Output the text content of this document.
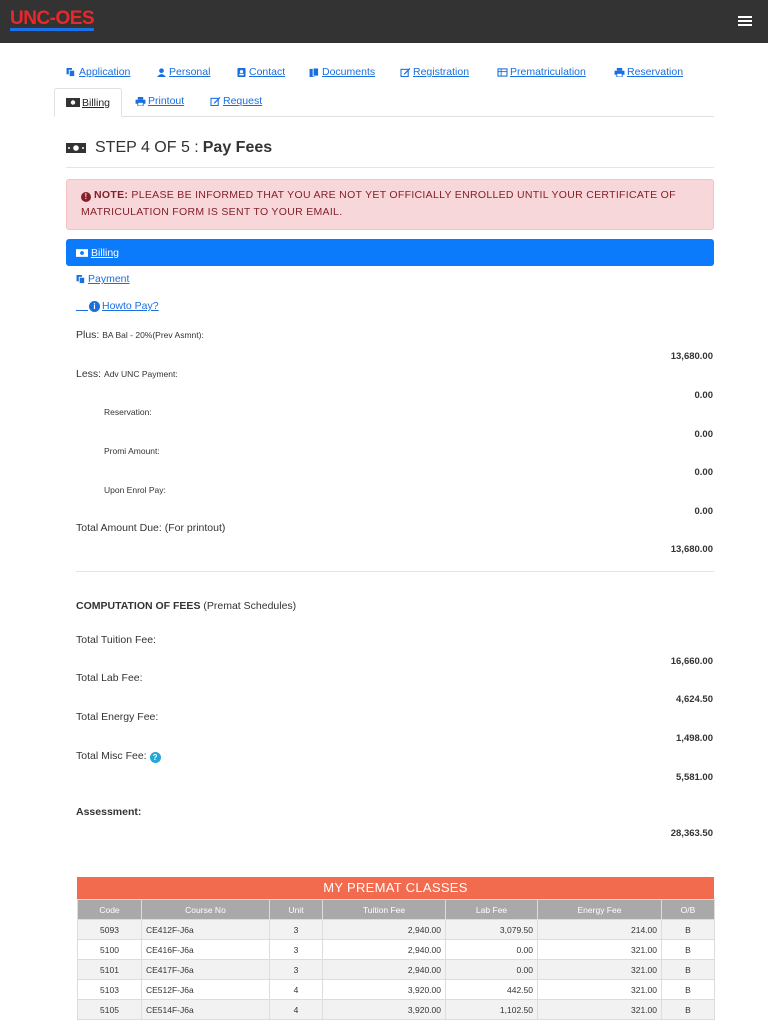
UNC-OES
Application	Personal	Contact	Documents	Registration	Prematriculation	Reservation
Billing	Printout	Request
STEP 4 OF 5 : Pay Fees
! NOTE: PLEASE BE INFORMED THAT YOU ARE NOT YET OFFICIALLY ENROLLED UNTIL YOUR CERTIFICATE OF MATRICULATION FORM IS SENT TO YOUR EMAIL.
Billing
Payment
i Howto Pay?
Plus: BA Bal - 20%(Prev Asmnt):
13,680.00
Less: Adv UNC Payment:
0.00
Reservation:
0.00
Promi Amount:
0.00
Upon Enrol Pay:
0.00
Total Amount Due: (For printout)
13,680.00
COMPUTATION OF FEES (Premat Schedules)
Total Tuition Fee:
16,660.00
Total Lab Fee:
4,624.50
Total Energy Fee:
1,498.00
Total Misc Fee: ?
5,581.00
Assessment:
28,363.50
MY PREMAT CLASSES
Code	Course No	Unit	Tuition Fee	Lab Fee	Energy Fee	O/B
5093	CE412F-J6a	3	2,940.00	3,079.50	214.00	B
5100	CE416F-J6a	3	2,940.00	0.00	321.00	B
5101	CE417F-J6a	3	2,940.00	0.00	321.00	B
5103	CE512F-J6a	4	3,920.00	442.50	321.00	B
5105	CE514F-J6a	4	3,920.00	1,102.50	321.00	B
